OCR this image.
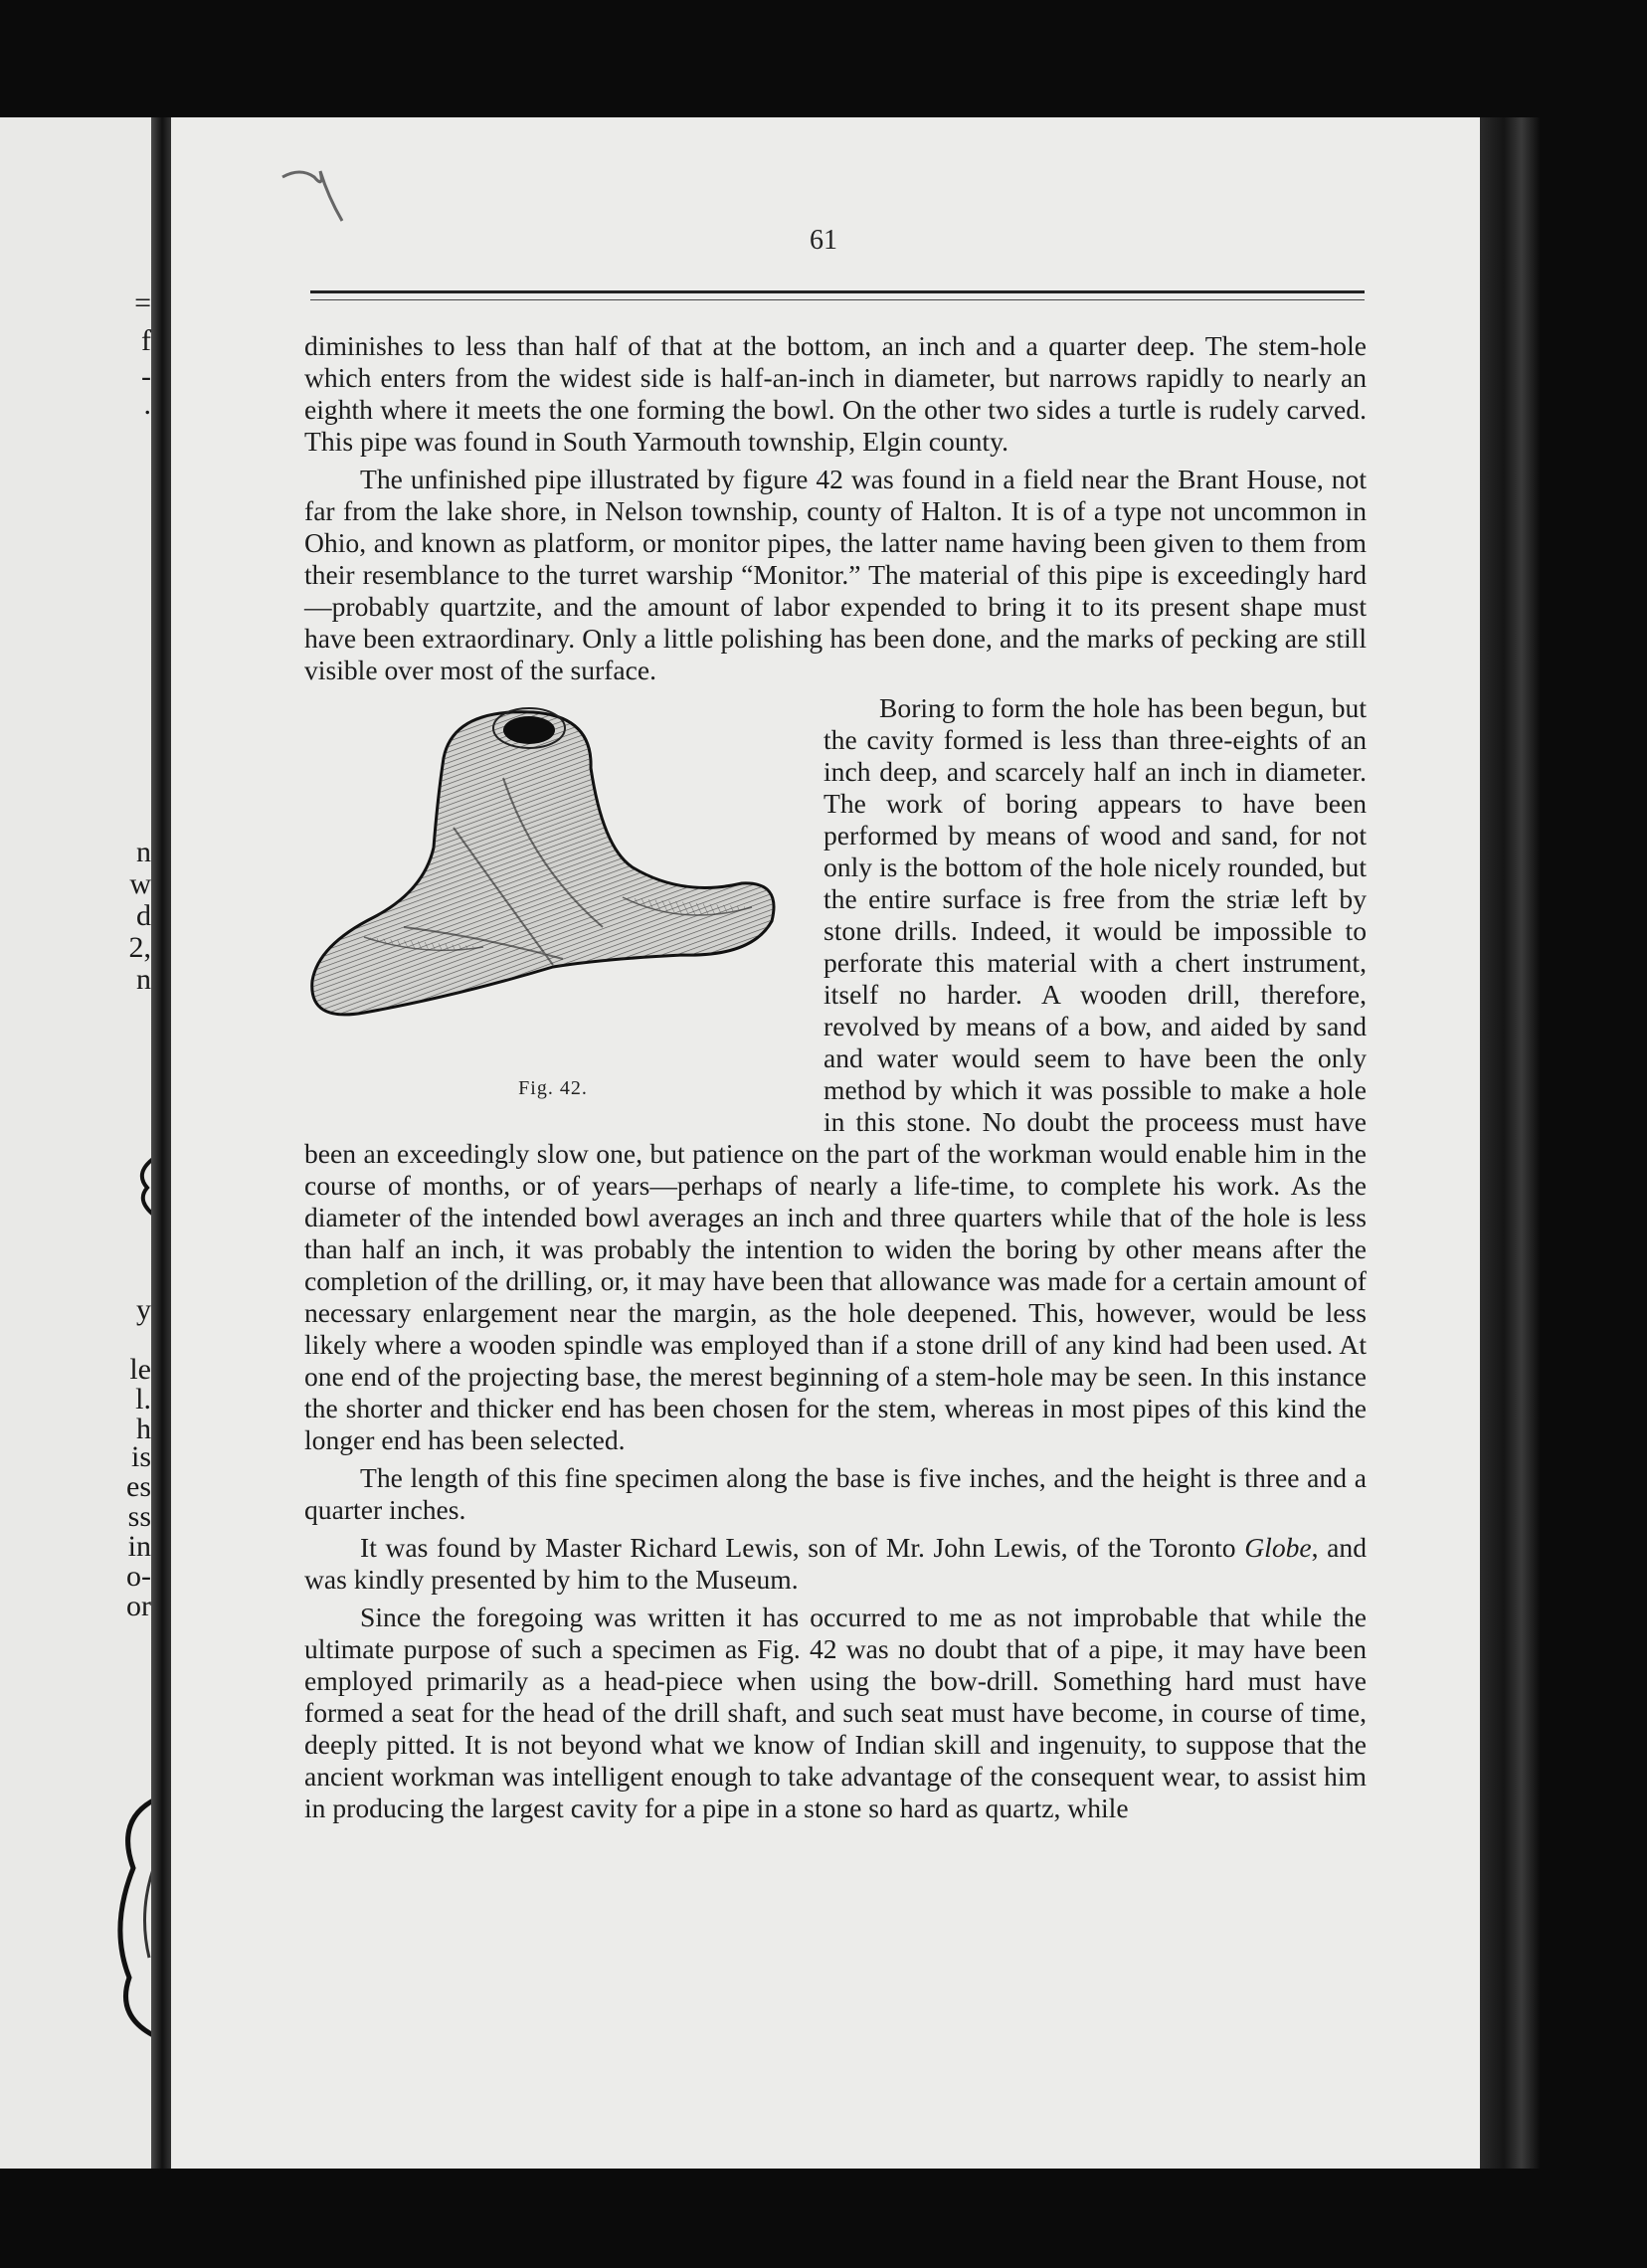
=
f
-
.
n
w
d
2,
n
y
le
l.
h
is
es
ss
in
o-
or
61

diminishes to less than half of that at the bottom, an inch and a quarter deep. The stem-hole which enters from the widest side is half-an-inch in diameter, but narrows rapidly to nearly an eighth where it meets the one forming the bowl. On the other two sides a turtle is rudely carved. This pipe was found in South Yarmouth township, Elgin county.

The unfinished pipe illustrated by figure 42 was found in a field near the Brant House, not far from the lake shore, in Nelson township, county of Halton. It is of a type not uncommon in Ohio, and known as platform, or monitor pipes, the latter name having been given to them from their resemblance to the turret warship “Monitor.” The material of this pipe is exceedingly hard—probably quartzite, and the amount of labor expended to bring it to its present shape must have been extraordinary. Only a little polishing has been done, and the marks of pecking are still visible over most of the surface.

Fig. 42.

Boring to form the hole has been begun, but the cavity formed is less than three-eights of an inch deep, and scarcely half an inch in diameter. The work of boring appears to have been performed by means of wood and sand, for not only is the bottom of the hole nicely rounded, but the entire surface is free from the striæ left by stone drills. Indeed, it would be impossible to perforate this material with a chert instrument, itself no harder. A wooden drill, therefore, revolved by means of a bow, and aided by sand and water would seem to have been the only method by which it was possible to make a hole in this stone. No doubt the proceess must have been an exceedingly slow one, but patience on the part of the workman would enable him in the course of months, or of years—perhaps of nearly a life-time, to complete his work. As the diameter of the intended bowl averages an inch and three quarters while that of the hole is less than half an inch, it was probably the intention to widen the boring by other means after the completion of the drilling, or, it may have been that allowance was made for a certain amount of necessary enlargement near the margin, as the hole deepened. This, however, would be less likely where a wooden spindle was employed than if a stone drill of any kind had been used. At one end of the projecting base, the merest beginning of a stem-hole may be seen. In this instance the shorter and thicker end has been chosen for the stem, whereas in most pipes of this kind the longer end has been selected.

The length of this fine specimen along the base is five inches, and the height is three and a quarter inches.

It was found by Master Richard Lewis, son of Mr. John Lewis, of the Toronto Globe, and was kindly presented by him to the Museum.

Since the foregoing was written it has occurred to me as not improbable that while the ultimate purpose of such a specimen as Fig. 42 was no doubt that of a pipe, it may have been employed primarily as a head-piece when using the bow-drill. Something hard must have formed a seat for the head of the drill shaft, and such seat must have become, in course of time, deeply pitted. It is not beyond what we know of Indian skill and ingenuity, to suppose that the ancient workman was intelligent enough to take advantage of the consequent wear, to assist him in producing the largest cavity for a pipe in a stone so hard as quartz, while
